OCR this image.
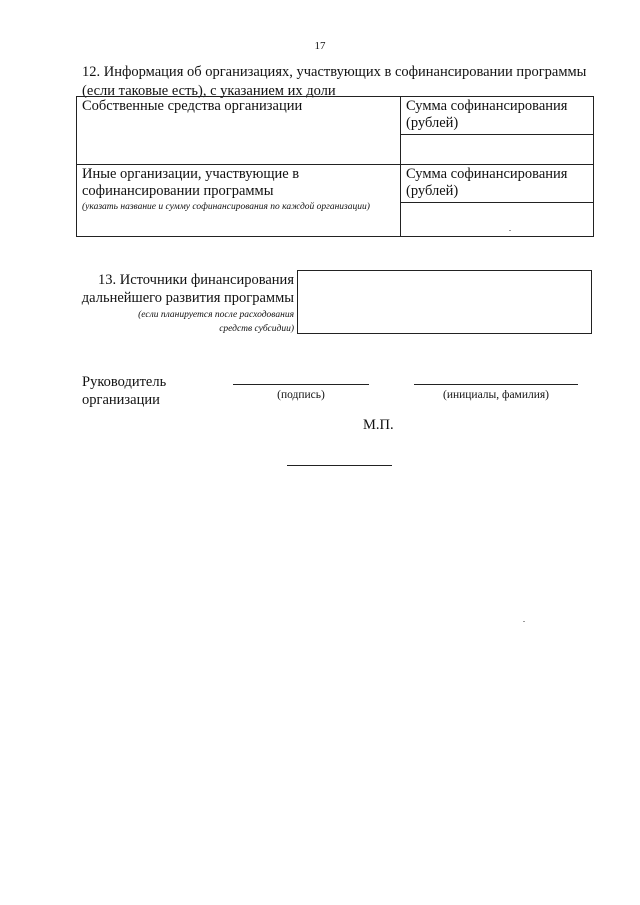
17
12. Информация об организациях, участвующих в софинансировании программы
(если таковые есть), с указанием их доли
Собственные средства организации	Сумма софинансирования
(рублей)

Иные организации, участвующие в
софинансировании программы
(указать название и сумму софинансирования по каждой организации)	Сумма софинансирования
(рублей)

13. Источники финансирования
дальнейшего развития программы
(если планируется после расходования
средств субсидии)
Руководитель
организации	(подпись)	(инициалы, фамилия)
М.П.
